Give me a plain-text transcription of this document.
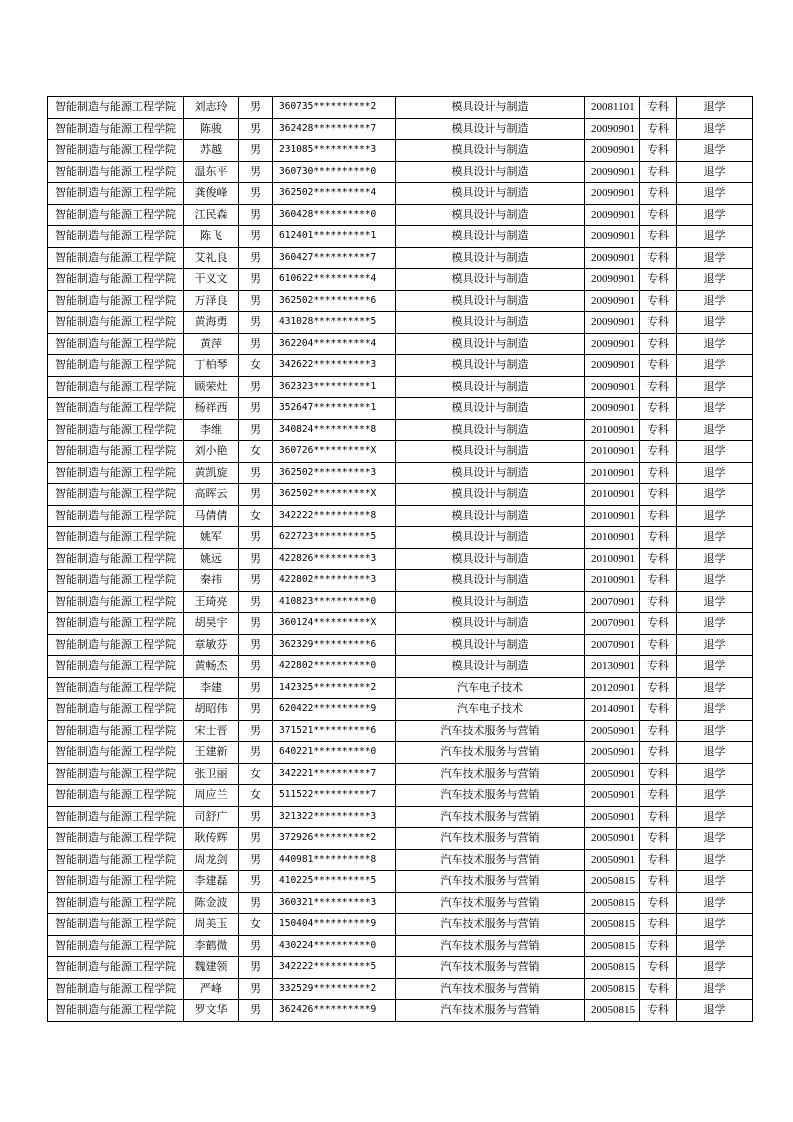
智能制造与能源工程学院	刘志玲	男	360735**********2	模具设计与制造	20081101	专科	退学
智能制造与能源工程学院	陈骏	男	362428**********7	模具设计与制造	20090901	专科	退学
智能制造与能源工程学院	苏越	男	231085**********3	模具设计与制造	20090901	专科	退学
智能制造与能源工程学院	温东平	男	360730**********0	模具设计与制造	20090901	专科	退学
智能制造与能源工程学院	龚俊峰	男	362502**********4	模具设计与制造	20090901	专科	退学
智能制造与能源工程学院	江民森	男	360428**********0	模具设计与制造	20090901	专科	退学
智能制造与能源工程学院	陈飞	男	612401**********1	模具设计与制造	20090901	专科	退学
智能制造与能源工程学院	艾礼良	男	360427**********7	模具设计与制造	20090901	专科	退学
智能制造与能源工程学院	干义文	男	610622**********4	模具设计与制造	20090901	专科	退学
智能制造与能源工程学院	万泽良	男	362502**********6	模具设计与制造	20090901	专科	退学
智能制造与能源工程学院	黄海勇	男	431028**********5	模具设计与制造	20090901	专科	退学
智能制造与能源工程学院	黄萍	男	362204**********4	模具设计与制造	20090901	专科	退学
智能制造与能源工程学院	丁柏琴	女	342622**********3	模具设计与制造	20090901	专科	退学
智能制造与能源工程学院	顾荣灶	男	362323**********1	模具设计与制造	20090901	专科	退学
智能制造与能源工程学院	杨祥西	男	352647**********1	模具设计与制造	20090901	专科	退学
智能制造与能源工程学院	李维	男	340824**********8	模具设计与制造	20100901	专科	退学
智能制造与能源工程学院	刘小艳	女	360726**********X	模具设计与制造	20100901	专科	退学
智能制造与能源工程学院	黄凯旋	男	362502**********3	模具设计与制造	20100901	专科	退学
智能制造与能源工程学院	高晖云	男	362502**********X	模具设计与制造	20100901	专科	退学
智能制造与能源工程学院	马倩倩	女	342222**********8	模具设计与制造	20100901	专科	退学
智能制造与能源工程学院	姚军	男	622723**********5	模具设计与制造	20100901	专科	退学
智能制造与能源工程学院	姚远	男	422826**********3	模具设计与制造	20100901	专科	退学
智能制造与能源工程学院	秦祎	男	422802**********3	模具设计与制造	20100901	专科	退学
智能制造与能源工程学院	王琦亮	男	410823**********0	模具设计与制造	20070901	专科	退学
智能制造与能源工程学院	胡昊宇	男	360124**********X	模具设计与制造	20070901	专科	退学
智能制造与能源工程学院	章敏芬	男	362329**********6	模具设计与制造	20070901	专科	退学
智能制造与能源工程学院	黄畅杰	男	422802**********0	模具设计与制造	20130901	专科	退学
智能制造与能源工程学院	李建	男	142325**********2	汽车电子技术	20120901	专科	退学
智能制造与能源工程学院	胡昭伟	男	620422**********9	汽车电子技术	20140901	专科	退学
智能制造与能源工程学院	宋士晋	男	371521**********6	汽车技术服务与营销	20050901	专科	退学
智能制造与能源工程学院	王建新	男	640221**********0	汽车技术服务与营销	20050901	专科	退学
智能制造与能源工程学院	张卫丽	女	342221**********7	汽车技术服务与营销	20050901	专科	退学
智能制造与能源工程学院	周应兰	女	511522**********7	汽车技术服务与营销	20050901	专科	退学
智能制造与能源工程学院	司舒广	男	321322**********3	汽车技术服务与营销	20050901	专科	退学
智能制造与能源工程学院	耿传辉	男	372926**********2	汽车技术服务与营销	20050901	专科	退学
智能制造与能源工程学院	周龙剑	男	440981**********8	汽车技术服务与营销	20050901	专科	退学
智能制造与能源工程学院	李建磊	男	410225**********5	汽车技术服务与营销	20050815	专科	退学
智能制造与能源工程学院	陈金波	男	360321**********3	汽车技术服务与营销	20050815	专科	退学
智能制造与能源工程学院	周美玉	女	150404**********9	汽车技术服务与营销	20050815	专科	退学
智能制造与能源工程学院	李鹤微	男	430224**********0	汽车技术服务与营销	20050815	专科	退学
智能制造与能源工程学院	魏建领	男	342222**********5	汽车技术服务与营销	20050815	专科	退学
智能制造与能源工程学院	严峰	男	332529**********2	汽车技术服务与营销	20050815	专科	退学
智能制造与能源工程学院	罗文华	男	362426**********9	汽车技术服务与营销	20050815	专科	退学
